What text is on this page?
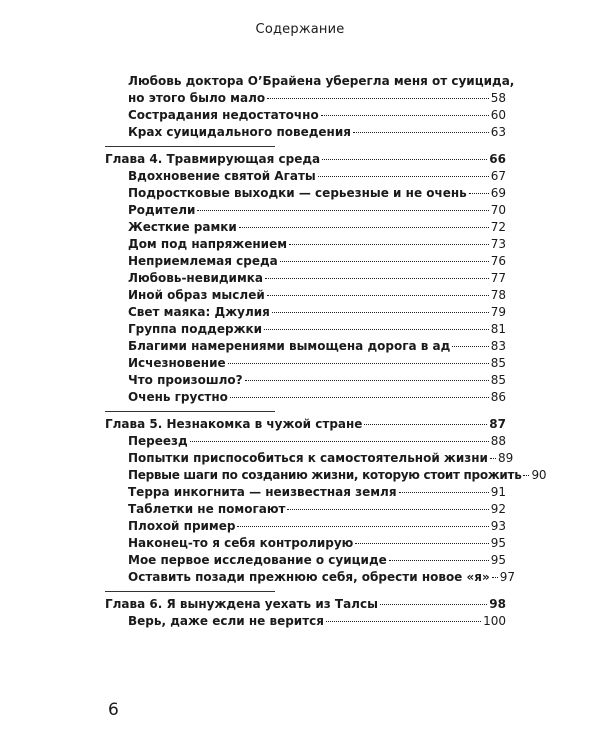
Содержание
Любовь доктора О’Брайена уберегла меня от суицида,
но этого было мало	58
Сострадания недостаточно	60
Крах суицидального поведения	63
Глава 4. Травмирующая среда	66
Вдохновение святой Агаты	67
Подростковые выходки — серьезные и не очень 69
Родители	70
Жесткие рамки	72
Дом под напряжением	73
Неприемлемая среда	76
Любовь-невидимка	77
Иной образ мыслей	78
Свет маяка: Джулия	79
Группа поддержки	81
Благими намерениями вымощена дорога в ад	83
Исчезновение	85
Что произошло?	85
Очень грустно	86
Глава 5. Незнакомка в чужой стране	87
Переезд	88
Попытки приспособиться к самостоятельной жизни 89
Первые шаги по созданию жизни, которую стоит прожить 90
Терра инкогнита — неизвестная земля	91
Таблетки не помогают	92
Плохой пример	93
Наконец-то я себя контролирую	95
Мое первое исследование о суициде	95
Оставить позади прежнюю себя, обрести новое «я» 97
Глава 6. Я вынуждена уехать из Талсы	98
Верь, даже если не верится	100
6
